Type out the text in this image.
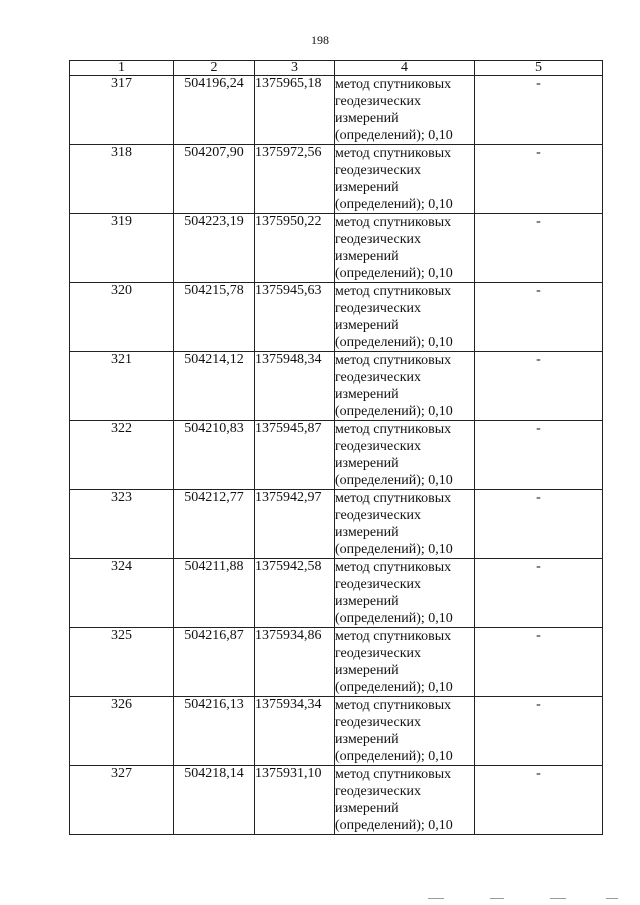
198
1	2	3	4	5
317	504196,24	1375965,18	метод спутниковых
геодезических
измерений
(определений); 0,10	-
318	504207,90	1375972,56	метод спутниковых
геодезических
измерений
(определений); 0,10	-
319	504223,19	1375950,22	метод спутниковых
геодезических
измерений
(определений); 0,10	-
320	504215,78	1375945,63	метод спутниковых
геодезических
измерений
(определений); 0,10	-
321	504214,12	1375948,34	метод спутниковых
геодезических
измерений
(определений); 0,10	-
322	504210,83	1375945,87	метод спутниковых
геодезических
измерений
(определений); 0,10	-
323	504212,77	1375942,97	метод спутниковых
геодезических
измерений
(определений); 0,10	-
324	504211,88	1375942,58	метод спутниковых
геодезических
измерений
(определений); 0,10	-
325	504216,87	1375934,86	метод спутниковых
геодезических
измерений
(определений); 0,10	-
326	504216,13	1375934,34	метод спутниковых
геодезических
измерений
(определений); 0,10	-
327	504218,14	1375931,10	метод спутниковых
геодезических
измерений
(определений); 0,10	-
